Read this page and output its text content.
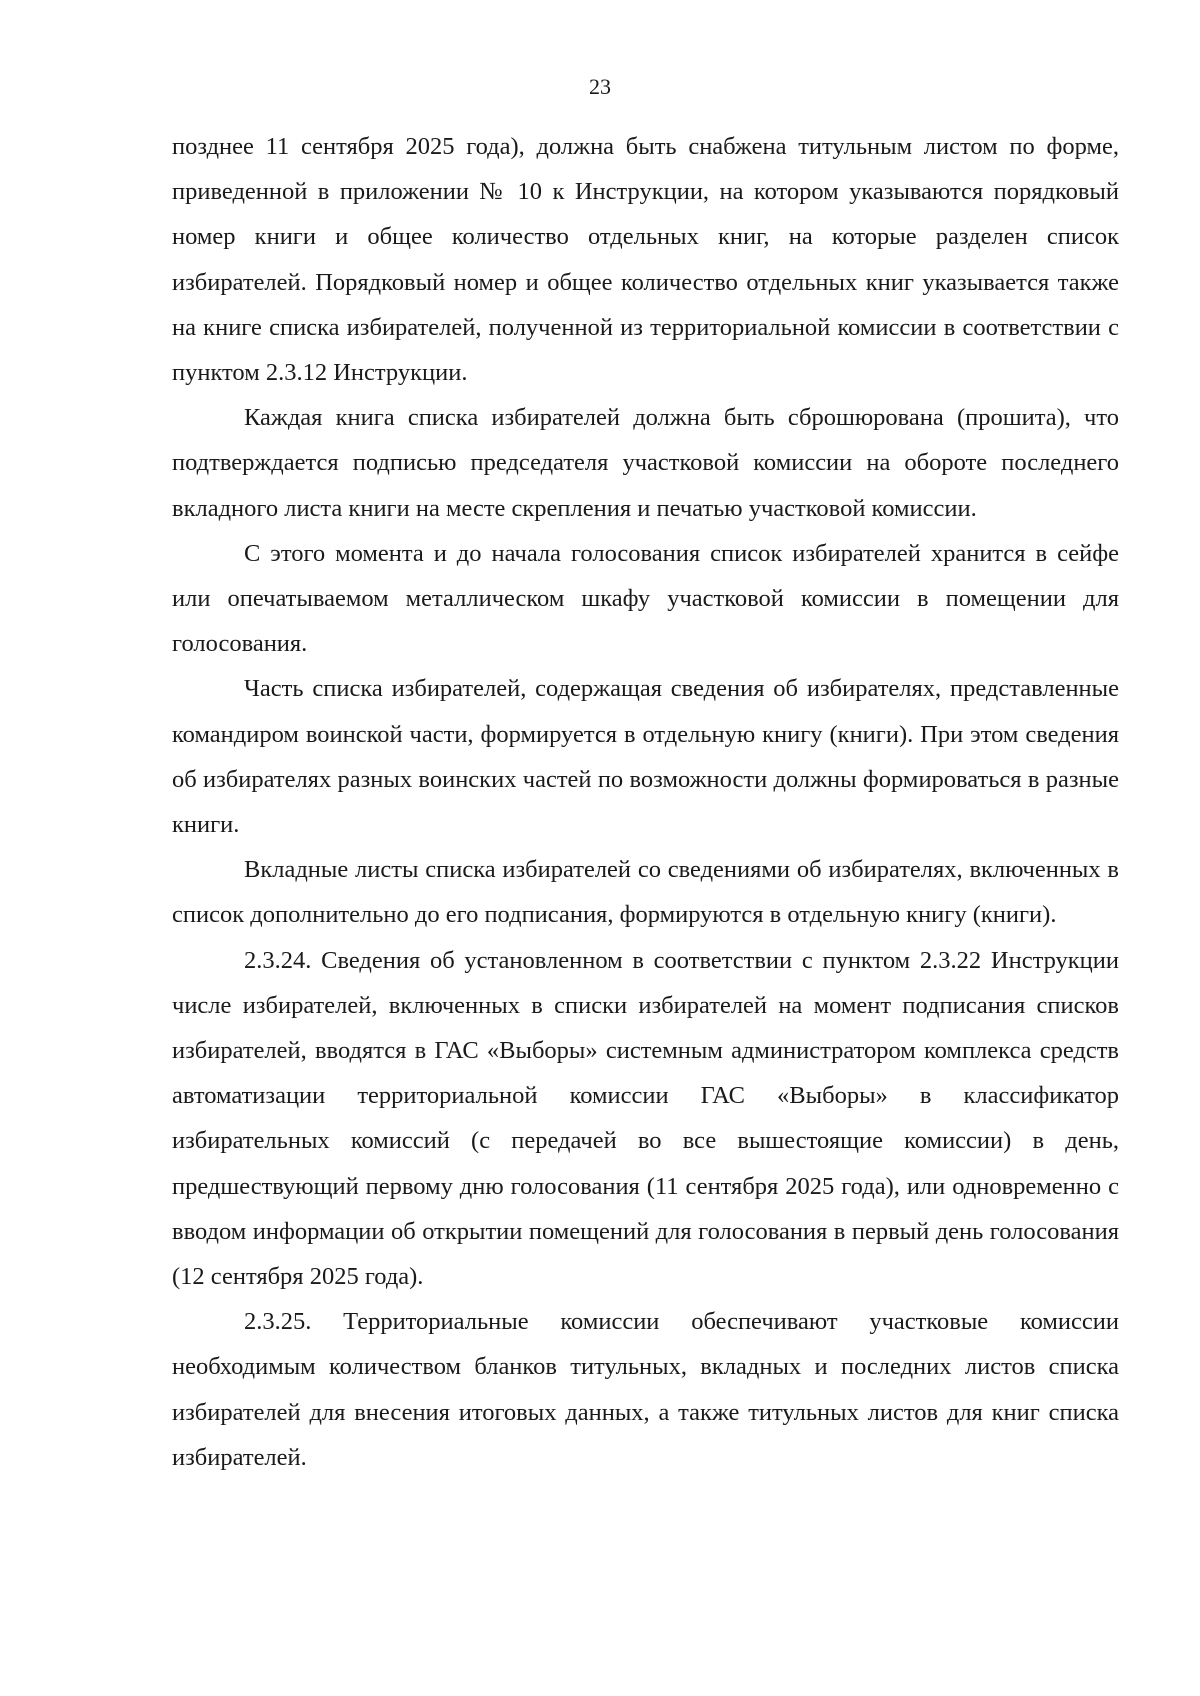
23

позднее 11 сентября 2025 года), должна быть снабжена титульным листом по форме, приведенной в приложении № 10 к Инструкции, на котором указываются порядковый номер книги и общее количество отдельных книг, на которые разделен список избирателей. Порядковый номер и общее количество отдельных книг указывается также на книге списка избирателей, полученной из территориальной комиссии в соответствии с пунктом 2.3.12 Инструкции.

Каждая книга списка избирателей должна быть сброшюрована (прошита), что подтверждается подписью председателя участковой комиссии на обороте последнего вкладного листа книги на месте скрепления и печатью участковой комиссии.

С этого момента и до начала голосования список избирателей хранится в сейфе или опечатываемом металлическом шкафу участковой комиссии в помещении для голосования.

Часть списка избирателей, содержащая сведения об избирателях, представленные командиром воинской части, формируется в отдельную книгу (книги). При этом сведения об избирателях разных воинских частей по возможности должны формироваться в разные книги.

Вкладные листы списка избирателей со сведениями об избирателях, включенных в список дополнительно до его подписания, формируются в отдельную книгу (книги).

2.3.24. Сведения об установленном в соответствии с пунктом 2.3.22 Инструкции числе избирателей, включенных в списки избирателей на момент подписания списков избирателей, вводятся в ГАС «Выборы» системным администратором комплекса средств автоматизации территориальной комиссии ГАС «Выборы» в классификатор избирательных комиссий (с передачей во все вышестоящие комиссии) в день, предшествующий первому дню голосования (11 сентября 2025 года), или одновременно с вводом информации об открытии помещений для голосования в первый день голосования (12 сентября 2025 года).

2.3.25. Территориальные комиссии обеспечивают участковые комиссии необходимым количеством бланков титульных, вкладных и последних листов списка избирателей для внесения итоговых данных, а также титульных листов для книг списка избирателей.
